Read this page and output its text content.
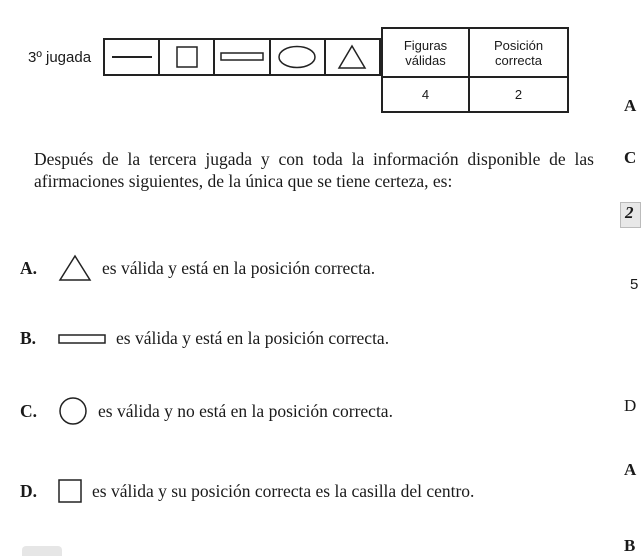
3º jugada
Figuras válidas	Posición correcta
4	2
Después de la tercera jugada y con toda la información disponible de las afirmaciones siguientes, de la única que se tiene certeza, es:
A.	es válida y está en la posición correcta.
B.	es válida y está en la posición correcta.
C.	es válida y no está en la posición correcta.
D.	es válida y su posición correcta es la casilla del centro.
A
C
2
5
D
A
B
